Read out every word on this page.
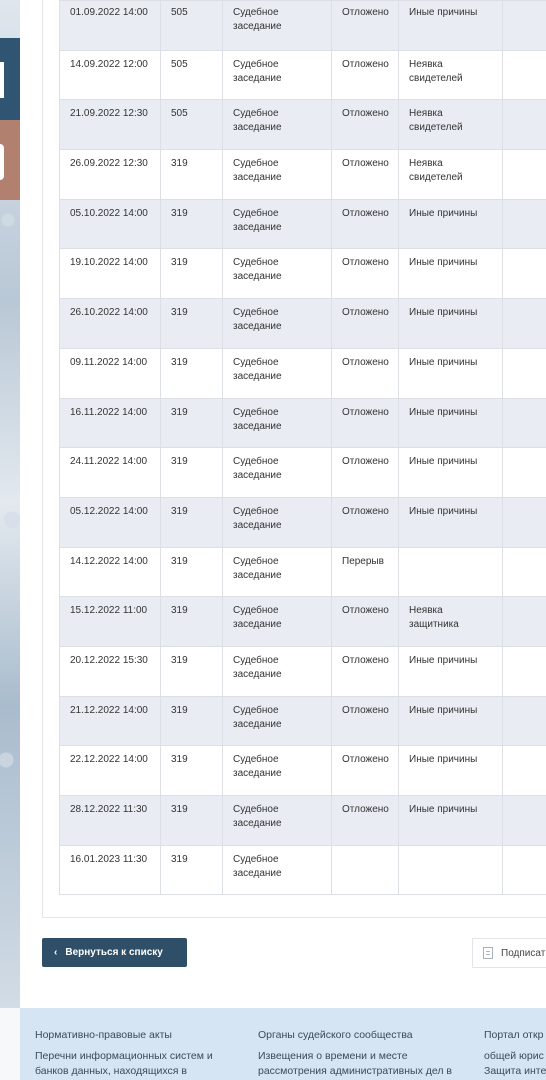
01.09.2022 14:00	505	Судебное заседание	Отложено	Иные причины	
14.09.2022 12:00	505	Судебное заседание	Отложено	Неявка свидетелей	
21.09.2022 12:30	505	Судебное заседание	Отложено	Неявка свидетелей	
26.09.2022 12:30	319	Судебное заседание	Отложено	Неявка свидетелей	
05.10.2022 14:00	319	Судебное заседание	Отложено	Иные причины	
19.10.2022 14:00	319	Судебное заседание	Отложено	Иные причины	
26.10.2022 14:00	319	Судебное заседание	Отложено	Иные причины	
09.11.2022 14:00	319	Судебное заседание	Отложено	Иные причины	
16.11.2022 14:00	319	Судебное заседание	Отложено	Иные причины	
24.11.2022 14:00	319	Судебное заседание	Отложено	Иные причины	
05.12.2022 14:00	319	Судебное заседание	Отложено	Иные причины	
14.12.2022 14:00	319	Судебное заседание	Перерыв		
15.12.2022 11:00	319	Судебное заседание	Отложено	Неявка защитника	
20.12.2022 15:30	319	Судебное заседание	Отложено	Иные причины	
21.12.2022 14:00	319	Судебное заседание	Отложено	Иные причины	
22.12.2022 14:00	319	Судебное заседание	Отложено	Иные причины	
28.12.2022 11:30	319	Судебное заседание	Отложено	Иные причины	
16.01.2023 11:30	319	Судебное заседание			
‹ Вернуться к списку	Подписат
Нормативно-правовые акты
Перечни информационных систем и
банков данных, находящихся в
Органы судейского сообщества
Извещения о времени и месте
рассмотрения административных дел в
Портал откр
общей юрис
Защита инте
